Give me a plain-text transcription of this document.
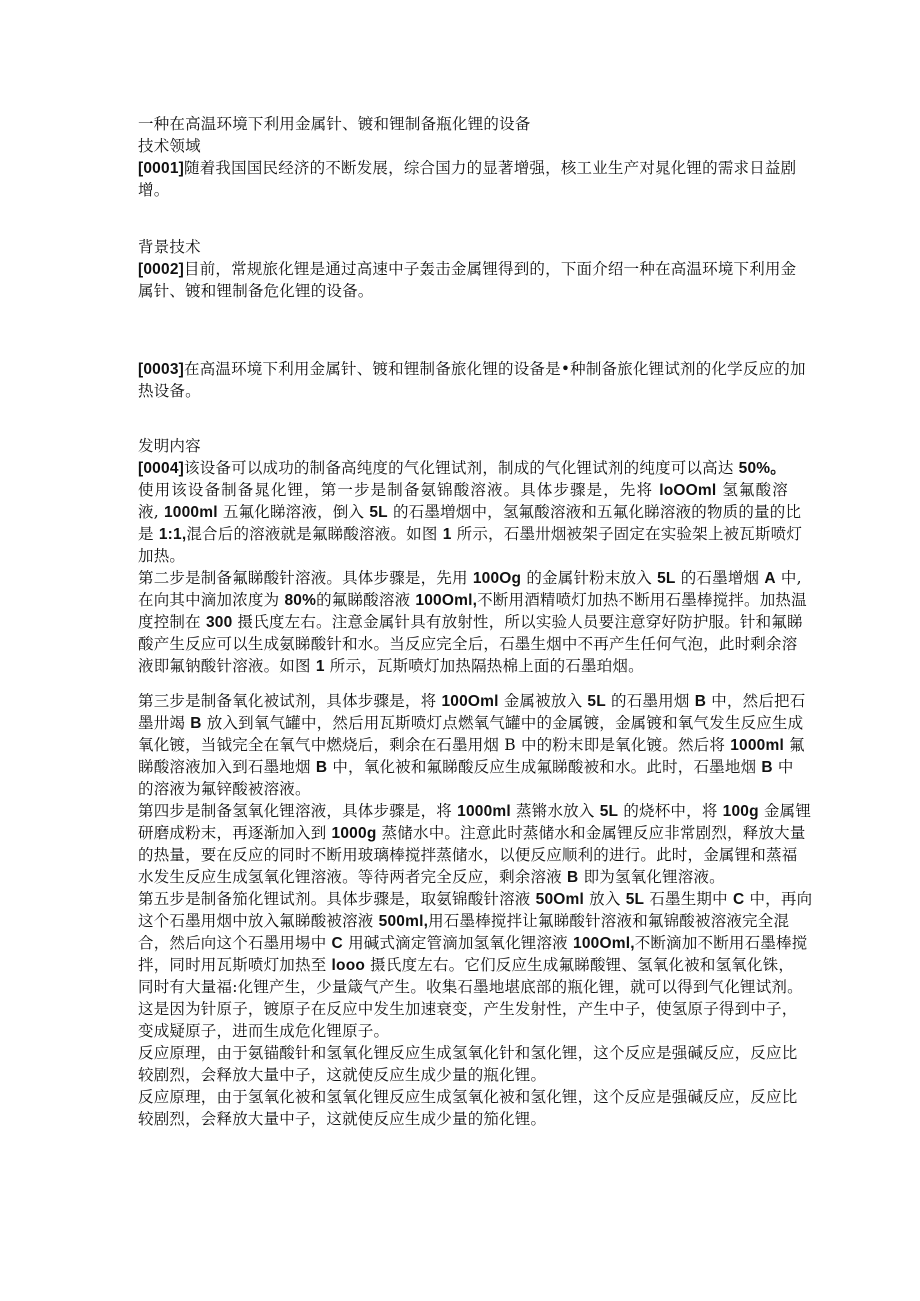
一种在高温环境下利用金属针、镀和锂制备瓶化锂的设备
技术领域
[0001]随着我国国民经济的不断发展，综合国力的显著增强，核工业生产对晁化锂的需求日益剧
增。
背景技术
[0002]目前，常规旅化锂是通过高速中子轰击金属锂得到的，下面介绍一种在高温环境下利用金
属针、镀和锂制备危化锂的设备。
[0003]在高温环境下利用金属针、镀和锂制备旅化锂的设备是•种制备旅化锂试剂的化学反应的加
热设备。
发明内容
[0004]该设备可以成功的制备高纯度的气化锂试剂，制成的气化锂试剂的纯度可以高达 50%。
使用该设备制备晁化锂，第一步是制备氨锦酸溶液。具体步骤是，先将 loOOml 氢氟酸溶
液, 1000ml 五氟化睇溶液，倒入 5L 的石墨増烟中，氢氟酸溶液和五氟化睇溶液的物质的量的比
是 1:1,混合后的溶液就是氟睇酸溶液。如图 1 所示，石墨卅烟被架子固定在实验架上被瓦斯喷灯
加热。
第二步是制备氟睇酸针溶液。具体步骤是，先用 100Og 的金属针粉末放入 5L 的石墨增烟 A 中,
在向其中滴加浓度为 80%的氟睇酸溶液 100Oml,不断用酒精喷灯加热不断用石墨棒搅拌。加热温
度控制在 300 摄氏度左右。注意金属针具有放射性，所以实验人员要注意穿好防护服。针和氟睇
酸产生反应可以生成氨睇酸针和水。当反应完全后，石墨生烟中不再产生任何气泡，此时剩余溶
液即氟钠酸针溶液。如图 1 所示，瓦斯喷灯加热隔热棉上面的石墨珀烟。
第三步是制备氧化被试剂，具体步骤是，将 100Oml 金属被放入 5L 的石墨用烟 B 中，然后把石
墨卅竭 B 放入到氧气罐中，然后用瓦斯喷灯点燃氧气罐中的金属镀，金属镀和氧气发生反应生成
氧化镀，当钺完全在氧气中燃烧后，剩余在石墨用烟 B 中的粉末即是氧化镀。然后将 1000ml 氟
睇酸溶液加入到石墨地烟 B 中，氧化被和氟睇酸反应生成氟睇酸被和水。此时，石墨地烟 B 中
的溶液为氟锌酸被溶液。
第四步是制备氢氧化锂溶液，具体步骤是，将 1000ml 蒸锵水放入 5L 的烧杯中，将 100g 金属锂
研磨成粉末，再逐渐加入到 1000g 蒸储水中。注意此时蒸储水和金属锂反应非常剧烈，释放大量
的热量，要在反应的同时不断用玻璃棒搅拌蒸储水，以便反应顺利的进行。此时，金属锂和蒸福
水发生反应生成氢氧化锂溶液。等待两者完全反应，剩余溶液 B 即为氢氧化锂溶液。
第五步是制备笳化锂试剂。具体步骤是，取氨锦酸针溶液 50Oml 放入 5L 石墨生期中 C 中，再向
这个石墨用烟中放入氟睇酸被溶液 500ml,用石墨棒搅拌让氟睇酸针溶液和氟锦酸被溶液完全混
合，然后向这个石墨用埸中 C 用碱式滴定管滴加氢氧化锂溶液 100Oml,不断滴加不断用石墨棒搅
拌，同时用瓦斯喷灯加热至 looo 摄氏度左右。它们反应生成氟睇酸锂、氢氧化被和氢氧化铢，
同时有大量福:化锂产生，少量箴气产生。收集石墨地堪底部的瓶化锂，就可以得到气化锂试剂。
这是因为针原子，镀原子在反应中发生加速衰变，产生发射性，产生中子，使氢原子得到中子，
变成疑原子，进而生成危化锂原子。
反应原理，由于氨锚酸针和氢氧化锂反应生成氢氧化针和氢化锂，这个反应是强碱反应，反应比
较剧烈，会释放大量中子，这就使反应生成少量的瓶化锂。
反应原理，由于氢氧化被和氢氧化锂反应生成氢氧化被和氢化锂，这个反应是强碱反应，反应比
较剧烈，会释放大量中子，这就使反应生成少量的笳化锂。
